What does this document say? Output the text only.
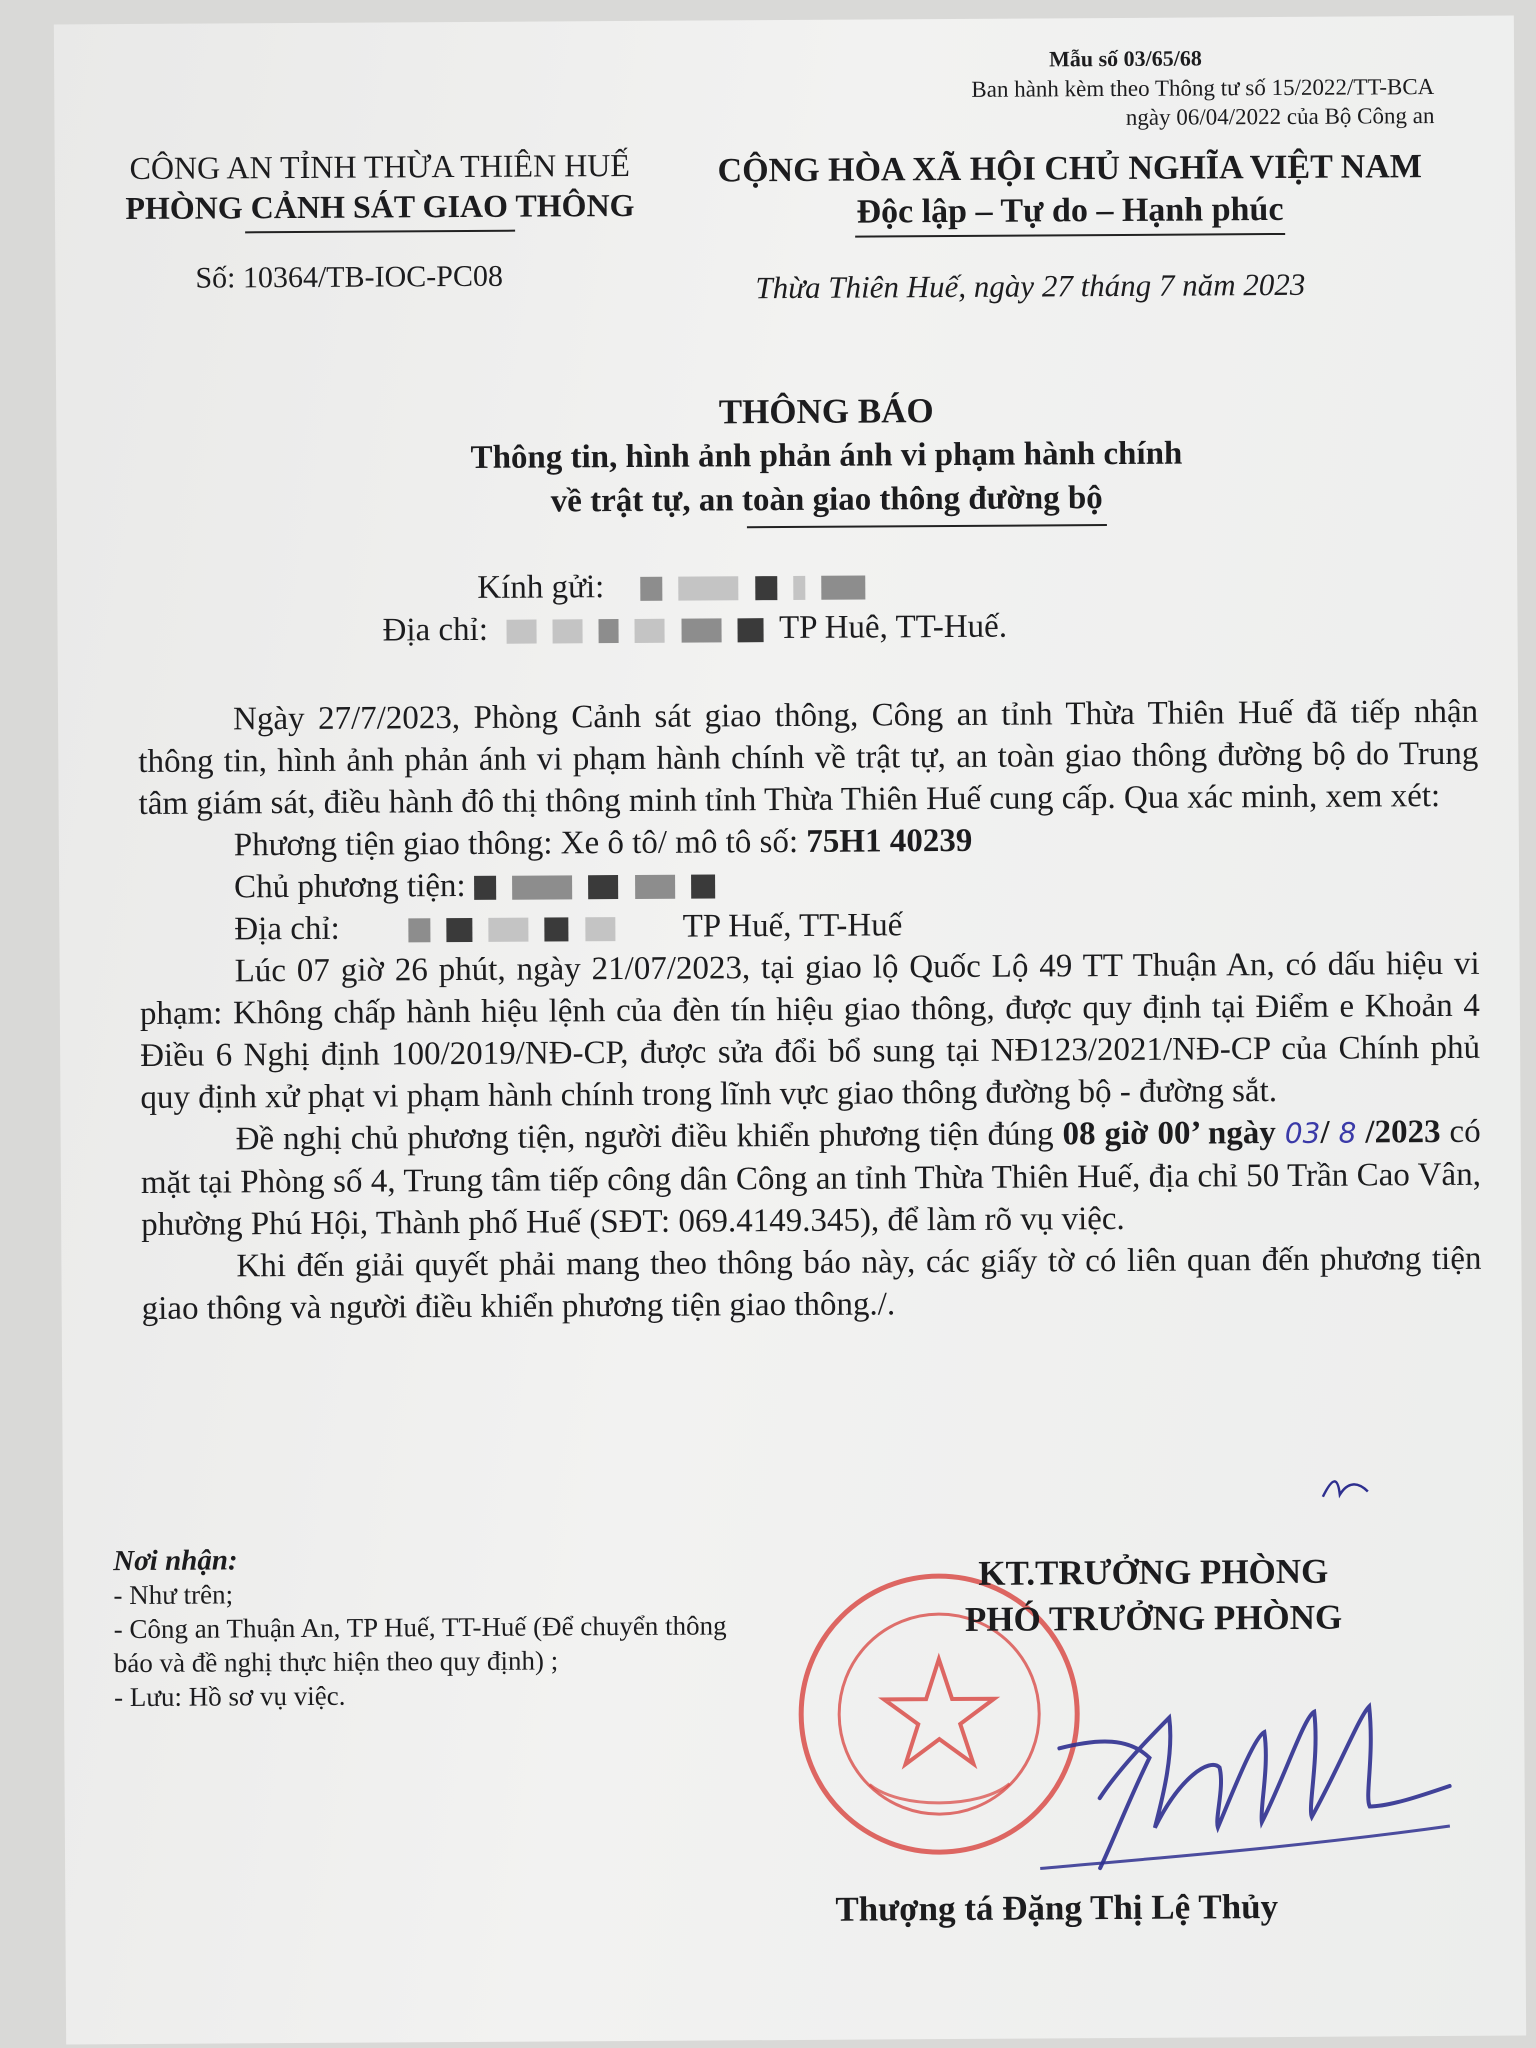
Mẫu số 03/65/68
Ban hành kèm theo Thông tư số 15/2022/TT-BCA
ngày 06/04/2022 của Bộ Công an
CÔNG AN TỈNH THỪA THIÊN HUẾ
PHÒNG CẢNH SÁT GIAO THÔNG
Số: 10364/TB-IOC-PC08
CỘNG HÒA XÃ HỘI CHỦ NGHĨA VIỆT NAM
Độc lập – Tự do – Hạnh phúc
Thừa Thiên Huế, ngày 27 tháng 7 năm 2023
THÔNG BÁO
Thông tin, hình ảnh phản ánh vi phạm hành chính
về trật tự, an toàn giao thông đường bộ
Kính gửi:
Địa chỉ:	TP Huê, TT-Huế.

Ngày 27/7/2023, Phòng Cảnh sát giao thông, Công an tỉnh Thừa Thiên Huế đã tiếp nhận thông tin, hình ảnh phản ánh vi phạm hành chính về trật tự, an toàn giao thông đường bộ do Trung tâm giám sát, điều hành đô thị thông minh tỉnh Thừa Thiên Huế cung cấp. Qua xác minh, xem xét:

Phương tiện giao thông: Xe ô tô/ mô tô số: 75H1 40239
Chủ phương tiện:
Địa chỉ:	TP Huế, TT-Huế

Lúc 07 giờ 26 phút, ngày 21/07/2023, tại giao lộ Quốc Lộ 49 TT Thuận An, có dấu hiệu vi phạm: Không chấp hành hiệu lệnh của đèn tín hiệu giao thông, được quy định tại Điểm e Khoản 4 Điều 6 Nghị định 100/2019/NĐ-CP, được sửa đổi bổ sung tại NĐ123/2021/NĐ-CP của Chính phủ quy định xử phạt vi phạm hành chính trong lĩnh vực giao thông đường bộ - đường sắt.

Đề nghị chủ phương tiện, người điều khiển phương tiện đúng 08 giờ 00’ ngày 03/ 8 /2023 có mặt tại Phòng số 4, Trung tâm tiếp công dân Công an tỉnh Thừa Thiên Huế, địa chỉ 50 Trần Cao Vân, phường Phú Hội, Thành phố Huế (SĐT: 069.4149.345), để làm rõ vụ việc.

Khi đến giải quyết phải mang theo thông báo này, các giấy tờ có liên quan đến phương tiện giao thông và người điều khiển phương tiện giao thông./.

Nơi nhận:
- Như trên;
- Công an Thuận An, TP Huế, TT-Huế (Để chuyển thông báo và đề nghị thực hiện theo quy định) ;
- Lưu: Hồ sơ vụ việc.
KT.TRƯỞNG PHÒNG
PHÓ TRƯỞNG PHÒNG
Thượng tá Đặng Thị Lệ Thủy
